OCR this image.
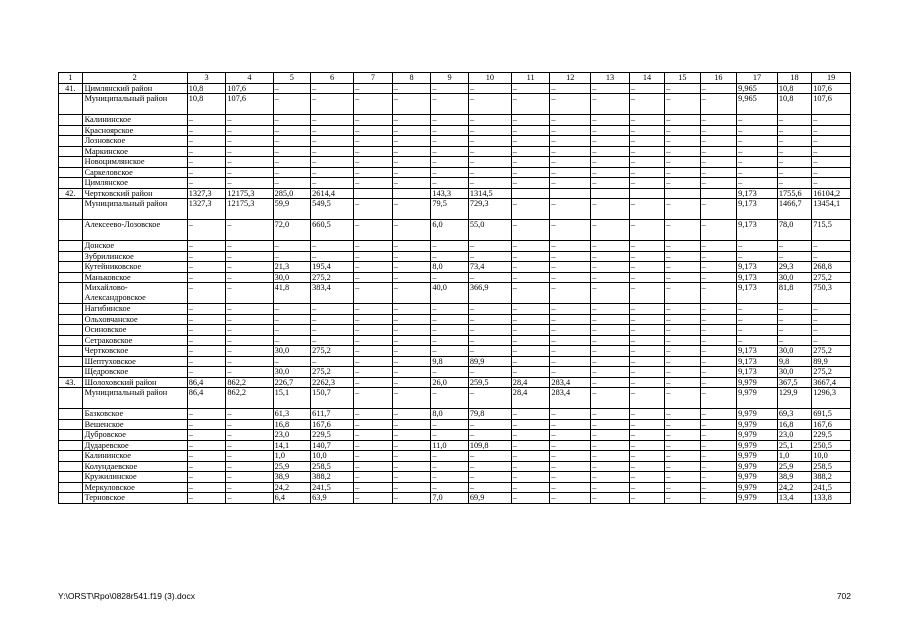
1	2	3	4	5	6	7	8	9	10	11	12	13	14	15	16	17	18	19
41.	Цимлянский район	10,8	107,6	–	–	–	–	–	–	–	–	–	–	–	–	9,965	10,8	107,6
	Муниципальный район	10,8	107,6	–	–	–	–	–	–	–	–	–	–	–	–	9,965	10,8	107,6
	Калининское	–	–	–	–	–	–	–	–	–	–	–	–	–	–	–	–	–
	Красноярское	–	–	–	–	–	–	–	–	–	–	–	–	–	–	–	–	–
	Лозновское	–	–	–	–	–	–	–	–	–	–	–	–	–	–	–	–	–
	Маркинское	–	–	–	–	–	–	–	–	–	–	–	–	–	–	–	–	–
	Новоцимлянское	–	–	–	–	–	–	–	–	–	–	–	–	–	–	–	–	–
	Саркеловское	–	–	–	–	–	–	–	–	–	–	–	–	–	–	–	–	–
	Цимлянское	–	–	–	–	–	–	–	–	–	–	–	–	–	–	–	–	–
42.	Чертковский район	1327,3	12175,3	285,0	2614,4			143,3	1314,5							9,173	1755,6	16104,2
	Муниципальный район	1327,3	12175,3	59,9	549,5	–	–	79,5	729,3	–	–	–	–	–	–	9,173	1466,7	13454,1
	Алексеево-Лозовское	–	–	72,0	660,5	–	–	6,0	55,0	–	–	–	–	–	–	9,173	78,0	715,5
	Донское	–	–	–	–	–	–	–	–	–	–	–	–	–	–	–	–	–
	Зубрилинское	–	–	–	–	–	–	–	–	–	–	–	–	–	–	–	–	–
	Кутейниковское	–	–	21,3	195,4	–	–	8,0	73,4	–	–	–	–	–	–	9,173	29,3	268,8
	Маньковское	–	–	30,0	275,2	–	–	–	–	–	–	–	–	–	–	9,173	30,0	275,2
	Михайлово-Александровское	–	–	41,8	383,4	–	–	40,0	366,9	–	–	–	–	–	–	9,173	81,8	750,3
	Нагибинское	–	–	–	–	–	–	–	–	–	–	–	–	–	–	–	–	–
	Ольховчанское	–	–	–	–	–	–	–	–	–	–	–	–	–	–	–	–	–
	Осиновское	–	–	–	–	–	–	–	–	–	–	–	–	–	–	–	–	–
	Сетраковское	–	–	–	–	–	–	–	–	–	–	–	–	–	–	–	–	–
	Чертковское	–	–	30,0	275,2	–	–	–	–	–	–	–	–	–	–	9,173	30,0	275,2
	Шептуховское	–	–	–	–	–	–	9,8	89,9	–	–	–	–	–	–	9,173	9,8	89,9
	Щедровское	–	–	30,0	275,2	–	–	–	–	–	–	–	–	–	–	9,173	30,0	275,2
43.	Шолоховский район	86,4	862,2	226,7	2262,3	–	–	26,0	259,5	28,4	283,4	–	–	–	–	9,979	367,5	3667,4
	Муниципальный район	86,4	862,2	15,1	150,7	–	–	–	–	28,4	283,4	–	–	–	–	9,979	129,9	1296,3
	Базковское	–	–	61,3	611,7	–	–	8,0	79,8	–	–	–	–	–	–	9,979	69,3	691,5
	Вешенское	–	–	16,8	167,6	–	–	–	–	–	–	–	–	–	–	9,979	16,8	167,6
	Дубровское	–	–	23,0	229,5	–	–	–	–	–	–	–	–	–	–	9,979	23,0	229,5
	Дударевское	–	–	14,1	140,7	–	–	11,0	109,8	–	–	–	–	–	–	9,979	25,1	250,5
	Калининское	–	–	1,0	10,0	–	–	–	–	–	–	–	–	–	–	9,979	1,0	10,0
	Колундаевское	–	–	25,9	258,5	–	–	–	–	–	–	–	–	–	–	9,979	25,9	258,5
	Кружилинское	–	–	38,9	388,2	–	–	–	–	–	–	–	–	–	–	9,979	38,9	388,2
	Меркуловское	–	–	24,2	241,5	–	–	–	–	–	–	–	–	–	–	9,979	24,2	241,5
	Терновское	–	–	6,4	63,9	–	–	7,0	69,9	–	–	–	–	–	–	9,979	13,4	133,8
Y:\ORST\Rpo\0828r541.f19 (3).docx	702
